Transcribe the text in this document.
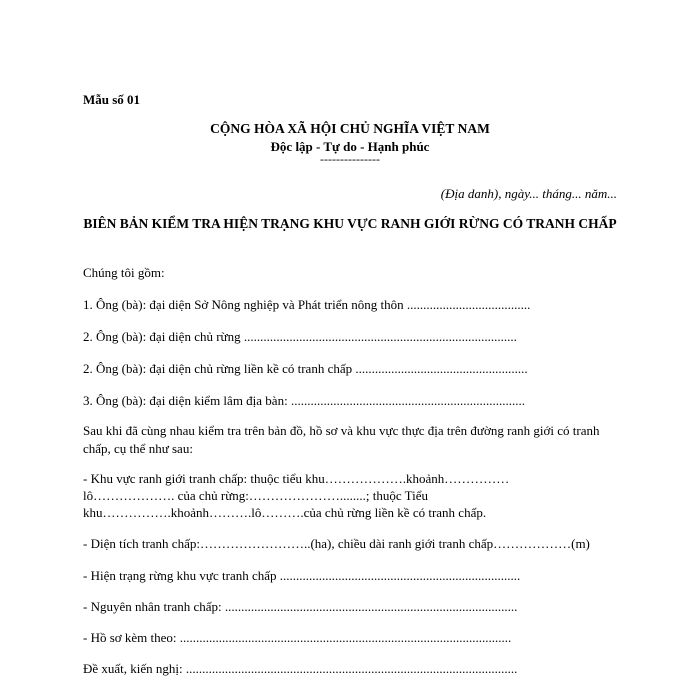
Mẫu số 01
CỘNG HÒA XÃ HỘI CHỦ NGHĨA VIỆT NAM
Độc lập - Tự do - Hạnh phúc
---------------
(Địa danh), ngày... tháng... năm...
BIÊN BẢN KIỂM TRA HIỆN TRẠNG KHU VỰC RANH GIỚI RỪNG CÓ TRANH CHẤP
Chúng tôi gồm:
1. Ông (bà): đại diện Sở Nông nghiệp và Phát triển nông thôn ......................................
2. Ông (bà): đại diện chủ rừng ....................................................................................
2. Ông (bà): đại diện chủ rừng liền kề có tranh chấp .....................................................
3. Ông (bà): đại diện kiểm lâm địa bàn: ........................................................................
Sau khi đã cùng nhau kiểm tra trên bản đồ, hồ sơ và khu vực thực địa trên đường ranh giới có tranh chấp, cụ thể như sau:
- Khu vực ranh giới tranh chấp: thuộc tiểu khu……………….khoảnh……………
lô………………. của chủ rừng:…………………........; thuộc Tiểu
khu…………….khoảnh……….lô……….của chủ rừng liền kề có tranh chấp.
- Diện tích tranh chấp:……………………..(ha), chiều dài ranh giới tranh chấp………………(m)
- Hiện trạng rừng khu vực tranh chấp ..........................................................................
- Nguyên nhân tranh chấp: ..........................................................................................
- Hồ sơ kèm theo: ......................................................................................................
Đề xuất, kiến nghị: ......................................................................................................
